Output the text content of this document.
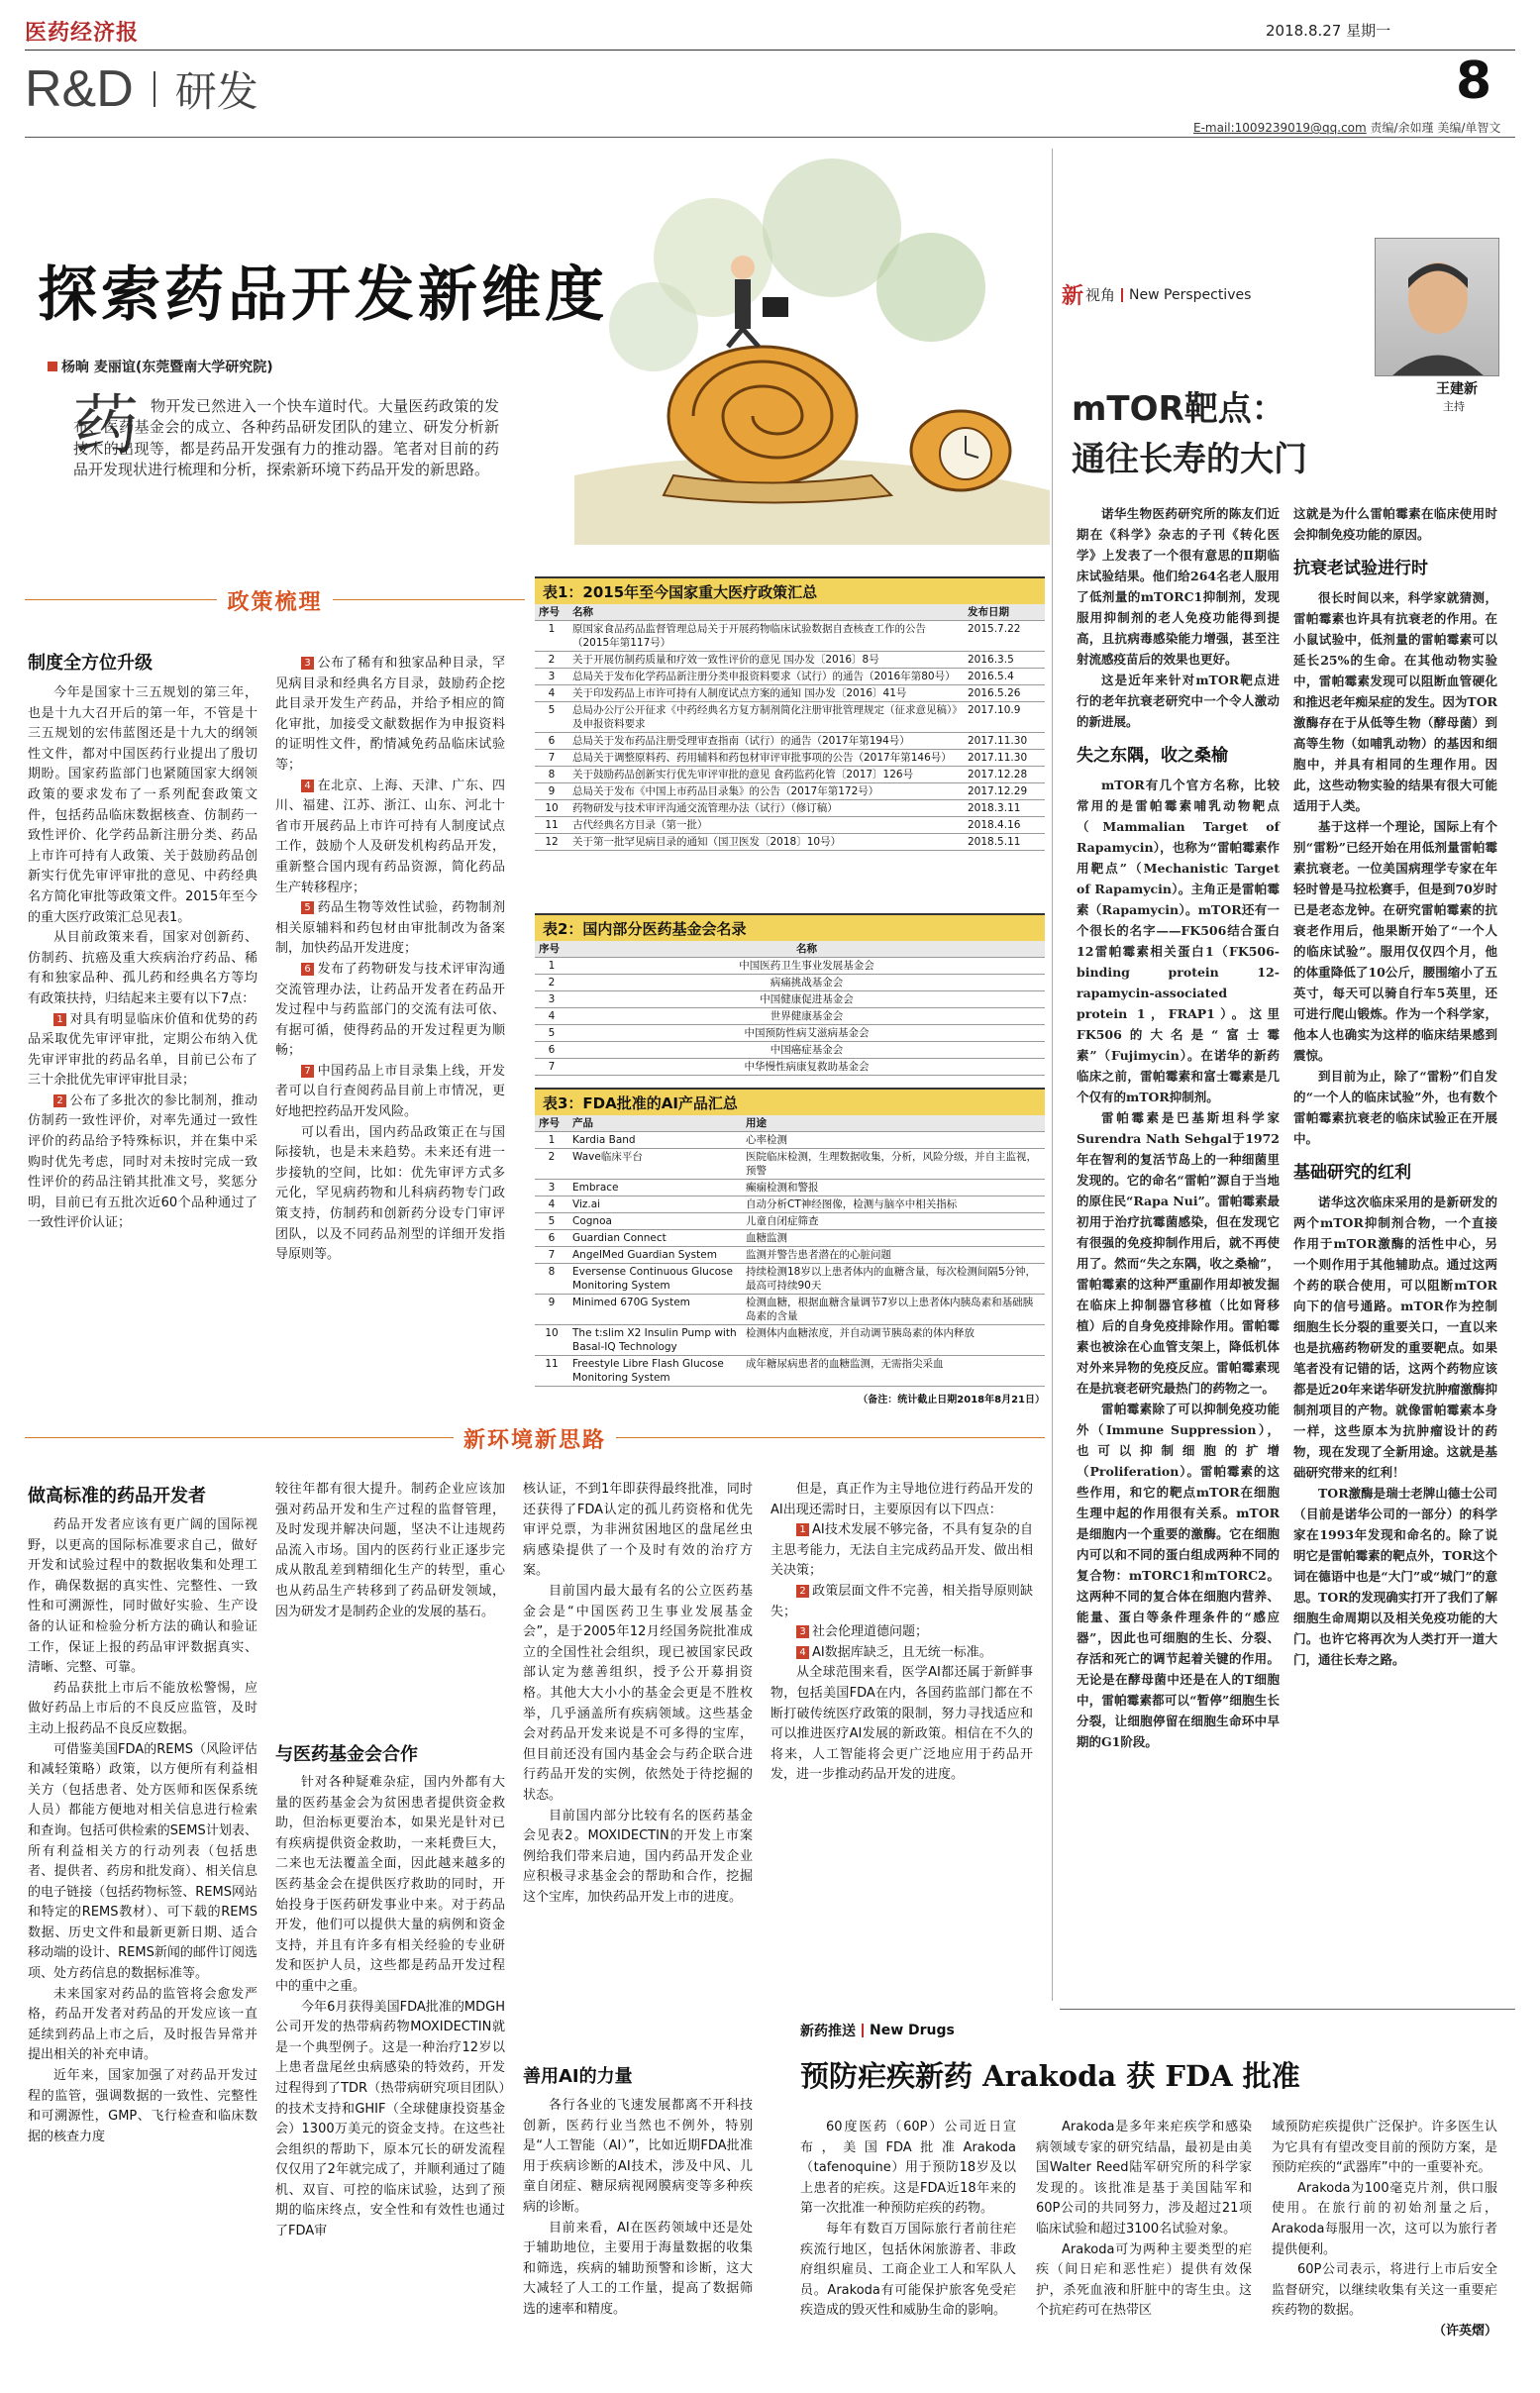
医药经济报	2018.8.27 星期一
R&D 研发	8
E-mail:1009239019@qq.com 责编/余如瑾 美编/单智文
探索药品开发新维度
杨晌 麦丽谊(东莞暨南大学研究院)
药 物开发已然进入一个快车道时代。大量医药政策的发布、医药基金会的成立、各种药品研发团队的建立、研发分析新技术的出现等，都是药品开发强有力的推动器。笔者对目前的药品开发现状进行梳理和分析，探索新环境下药品开发的新思路。
政策梳理
制度全方位升级

今年是国家十三五规划的第三年，也是十九大召开后的第一年，不管是十三五规划的宏伟蓝图还是十九大的纲领性文件，都对中国医药行业提出了殷切期盼。国家药监部门也紧随国家大纲领政策的要求发布了一系列配套政策文件，包括药品临床数据核查、仿制药一致性评价、化学药品新注册分类、药品上市许可持有人政策、关于鼓励药品创新实行优先审评审批的意见、中药经典名方简化审批等政策文件。2015年至今的重大医疗政策汇总见表1。

从目前政策来看，国家对创新药、仿制药、抗癌及重大疾病治疗药品、稀有和独家品种、孤儿药和经典名方等均有政策扶持，归结起来主要有以下7点：

1 对具有明显临床价值和优势的药品采取优先审评审批，定期公布纳入优先审评审批的药品名单，目前已公布了三十余批优先审评审批目录；

2 公布了多批次的参比制剂，推动仿制药一致性评价，对率先通过一致性评价的药品给予特殊标识，并在集中采购时优先考虑，同时对未按时完成一致性评价的药品注销其批准文号，奖惩分明，目前已有五批次近60个品种通过了一致性评价认证；

3 公布了稀有和独家品种目录，罕见病目录和经典名方目录，鼓励药企挖此目录开发生产药品，并给予相应的简化审批，加接受文献数据作为申报资料的证明性文件，酌情减免药品临床试验等；

4 在北京、上海、天津、广东、四川、福建、江苏、浙江、山东、河北十省市开展药品上市许可持有人制度试点工作，鼓励个人及研发机构药品开发，重新整合国内现有药品资源，简化药品生产转移程序；

5 药品生物等效性试验，药物制剂相关原辅料和药包材由审批制改为备案制，加快药品开发进度；

6 发布了药物研发与技术评审沟通交流管理办法，让药品开发者在药品开发过程中与药监部门的交流有法可依、有据可循，使得药品的开发过程更为顺畅；

7 中国药品上市目录集上线，开发者可以自行查阅药品目前上市情况，更好地把控药品开发风险。

可以看出，国内药品政策正在与国际接轨，也是未来趋势。未来还有进一步接轨的空间，比如：优先审评方式多元化，罕见病药物和儿科病药物专门政策支持，仿制药和创新药分设专门审评团队，以及不同药品剂型的详细开发指导原则等。

表1：2015年至今国家重大医疗政策汇总
序号	名称	发布日期
1	原国家食品药品监督管理总局关于开展药物临床试验数据自查核查工作的公告（2015年第117号）	2015.7.22
2	关于开展仿制药质量和疗效一致性评价的意见 国办发〔2016〕8号	2016.3.5
3	总局关于发布化学药品新注册分类申报资料要求（试行）的通告（2016年第80号）	2016.5.4
4	关于印发药品上市许可持有人制度试点方案的通知 国办发〔2016〕41号	2016.5.26
5	总局办公厅公开征求《中药经典名方复方制剂简化注册审批管理规定（征求意见稿）》及申报资料要求	2017.10.9
6	总局关于发布药品注册受理审查指南（试行）的通告（2017年第194号）	2017.11.30
7	总局关于调整原料药、药用辅料和药包材审评审批事项的公告（2017年第146号）	2017.11.30
8	关于鼓励药品创新实行优先审评审批的意见 食药监药化管〔2017〕126号	2017.12.28
9	总局关于发布《中国上市药品目录集》的公告（2017年第172号）	2017.12.29
10	药物研发与技术审评沟通交流管理办法（试行）（修订稿）	2018.3.11
11	古代经典名方目录（第一批）	2018.4.16
12	关于第一批罕见病目录的通知（国卫医发〔2018〕10号）	2018.5.11
表2：国内部分医药基金会名录
序号	名称
1	中国医药卫生事业发展基金会
2	病痛挑战基金会
3	中国健康促进基金会
4	世界健康基金会
5	中国预防性病艾滋病基金会
6	中国癌症基金会
7	中华慢性病康复救助基金会
表3：FDA批准的AI产品汇总
序号	产品	用途
1	Kardia Band	心率检测
2	Wave临床平台	医院临床检测，生理数据收集，分析，风险分级，并自主监视，预警
3	Embrace	癫痫检测和警报
4	Viz.ai	自动分析CT神经图像，检测与脑卒中相关指标
5	Cognoa	儿童自闭症筛查
6	Guardian Connect	血糖监测
7	AngelMed Guardian System	监测并警告患者潜在的心脏问题
8	Eversense Continuous Glucose Monitoring System	持续检测18岁以上患者体内的血糖含量，每次检测间隔5分钟，最高可持续90天
9	Minimed 670G System	检测血糖，根据血糖含量调节7岁以上患者体内胰岛素和基础胰岛素的含量
10	The t:slim X2 Insulin Pump with Basal-IQ Technology	检测体内血糖浓度，并自动调节胰岛素的体内释放
11	Freestyle Libre Flash Glucose Monitoring System	成年糖尿病患者的血糖监测，无需指尖采血
（备注：统计截止日期2018年8月21日）
新环境新思路
做高标准的药品开发者

药品开发者应该有更广阔的国际视野，以更高的国际标准要求自己，做好开发和试验过程中的数据收集和处理工作，确保数据的真实性、完整性、一致性和可溯源性，同时做好实验、生产设备的认证和检验分析方法的确认和验证工作，保证上报的药品审评数据真实、清晰、完整、可靠。

药品获批上市后不能放松警惕，应做好药品上市后的不良反应监管，及时主动上报药品不良反应数据。

可借鉴美国FDA的REMS（风险评估和减轻策略）政策，以方便所有利益相关方（包括患者、处方医师和医保系统人员）都能方便地对相关信息进行检索和查询。包括可供检索的SEMS计划表、所有利益相关方的行动列表（包括患者、提供者、药房和批发商）、相关信息的电子链接（包括药物标签、REMS网站和特定的REMS教材）、可下载的REMS数据、历史文件和最新更新日期、适合移动端的设计、REMS新闻的邮件订阅选项、处方药信息的数据标准等。

未来国家对药品的监管将会愈发严格，药品开发者对药品的开发应该一直延续到药品上市之后，及时报告异常并提出相关的补充申请。

近年来，国家加强了对药品开发过程的监管，强调数据的一致性、完整性和可溯源性，GMP、飞行检查和临床数据的核查力度

较往年都有很大提升。制药企业应该加强对药品开发和生产过程的监督管理，及时发现并解决问题，坚决不让违规药品流入市场。国内的医药行业正逐步完成从散乱差到精细化生产的转型，重心也从药品生产转移到了药品研发领域，因为研发才是制药企业的发展的基石。

与医药基金会合作

针对各种疑难杂症，国内外都有大量的医药基金会为贫困患者提供资金救助，但治标更要治本，如果光是针对已有疾病提供资金救助，一来耗费巨大，二来也无法覆盖全面，因此越来越多的医药基金会在提供医疗救助的同时，开始投身于医药研发事业中来。对于药品开发，他们可以提供大量的病例和资金支持，并且有许多有相关经验的专业研发和医护人员，这些都是药品开发过程中的重中之重。

今年6月获得美国FDA批准的MDGH公司开发的热带病药物MOXIDECTIN就是一个典型例子。这是一种治疗12岁以上患者盘尾丝虫病感染的特效药，开发过程得到了TDR（热带病研究项目团队）的技术支持和GHIF（全球健康投资基金会）1300万美元的资金支持。在这些社会组织的帮助下，原本冗长的研发流程仅仅用了2年就完成了，并顺利通过了随机、双盲、可控的临床试验，达到了预期的临床终点，安全性和有效性也通过了FDA审

核认证，不到1年即获得最终批准，同时还获得了FDA认定的孤儿药资格和优先审评兑票，为非洲贫困地区的盘尾丝虫病感染提供了一个及时有效的治疗方案。

目前国内最大最有名的公立医药基金会是“中国医药卫生事业发展基金会”，是于2005年12月经国务院批准成立的全国性社会组织，现已被国家民政部认定为慈善组织，授予公开募捐资格。其他大大小小的基金会更是不胜枚举，几乎涵盖所有疾病领域。这些基金会对药品开发来说是不可多得的宝库，但目前还没有国内基金会与药企联合进行药品开发的实例，依然处于待挖掘的状态。

目前国内部分比较有名的医药基金会见表2。MOXIDECTIN的开发上市案例给我们带来启迪，国内药品开发企业应积极寻求基金会的帮助和合作，挖掘这个宝库，加快药品开发上市的进度。

善用AI的力量

各行各业的飞速发展都离不开科技创新，医药行业当然也不例外，特别是“人工智能（AI）”，比如近期FDA批准用于疾病诊断的AI技术，涉及中风、儿童自闭症、糖尿病视网膜病变等多种疾病的诊断。

目前来看，AI在医药领域中还是处于辅助地位，主要用于海量数据的收集和筛选，疾病的辅助预警和诊断，这大大减轻了人工的工作量，提高了数据筛选的速率和精度。

但是，真正作为主导地位进行药品开发的AI出现还需时日，主要原因有以下四点：

1 AI技术发展不够完备，不具有复杂的自主思考能力，无法自主完成药品开发、做出相关决策；

2 政策层面文件不完善，相关指导原则缺失；

3 社会伦理道德问题；

4 AI数据库缺乏，且无统一标准。

从全球范围来看，医学AI都还属于新鲜事物，包括美国FDA在内，各国药监部门都在不断打破传统医疗政策的限制，努力寻找适应和可以推进医疗AI发展的新政策。相信在不久的将来，人工智能将会更广泛地应用于药品开发，进一步推动药品开发的进度。

新 视角 New Perspectives
王建新
主持
mTOR靶点：
通往长寿的大门

诺华生物医药研究所的陈友们近期在《科学》杂志的子刊《转化医学》上发表了一个很有意思的Ⅱ期临床试验结果。他们给264名老人服用了低剂量的mTORC1抑制剂，发现服用抑制剂的老人免疫功能得到提高，且抗病毒感染能力增强，甚至注射流感疫苗后的效果也更好。

这是近年来针对mTOR靶点进行的老年抗衰老研究中一个令人激动的新进展。

失之东隅，收之桑榆

mTOR有几个官方名称，比较常用的是雷帕霉素哺乳动物靶点（Mammalian Target of Rapamycin），也称为“雷帕霉素作用靶点”（Mechanistic Target of Rapamycin）。主角正是雷帕霉素（Rapamycin）。mTOR还有一个很长的名字——FK506结合蛋白12雷帕霉素相关蛋白1（FK506-binding protein 12-rapamycin-associated protein 1，FRAP1）。这里FK506的大名是“富士霉素”（Fujimycin）。在诺华的新药临床之前，雷帕霉素和富士霉素是几个仅有的mTOR抑制剂。

雷帕霉素是巴基斯坦科学家Surendra Nath Sehgal于1972年在智利的复活节岛上的一种细菌里发现的。它的命名“雷帕”源自于当地的原住民“Rapa Nui”。雷帕霉素最初用于治疗抗霉菌感染，但在发现它有很强的免疫抑制作用后，就不再使用了。然而“失之东隅，收之桑榆”，雷帕霉素的这种严重副作用却被发掘在临床上抑制器官移植（比如肾移植）后的自身免疫排除作用。雷帕霉素也被涂在心血管支架上，降低机体对外来异物的免疫反应。雷帕霉素现在是抗衰老研究最热门的药物之一。

雷帕霉素除了可以抑制免疫功能外（Immune Suppression），也可以抑制细胞的扩增（Proliferation）。雷帕霉素的这些作用，和它的靶点mTOR在细胞生理中起的作用很有关系。mTOR是细胞内一个重要的激酶。它在细胞内可以和不同的蛋白组成两种不同的复合物：mTORC1和mTORC2。这两种不同的复合体在细胞内营养、能量、蛋白等条件理条件的“感应器”，因此也可细胞的生长、分裂、存活和死亡的调节起着关键的作用。无论是在酵母菌中还是在人的T细胞中，雷帕霉素都可以“暂停”细胞生长分裂，让细胞停留在细胞生命环中早期的G1阶段。

这就是为什么雷帕霉素在临床使用时会抑制免疫功能的原因。

抗衰老试验进行时

很长时间以来，科学家就猜测，雷帕霉素也许具有抗衰老的作用。在小鼠试验中，低剂量的雷帕霉素可以延长25%的生命。在其他动物实验中，雷帕霉素发现可以阻断血管硬化和推迟老年痴呆症的发生。因为TOR激酶存在于从低等生物（酵母菌）到高等生物（如哺乳动物）的基因和细胞中，并具有相同的生理作用。因此，这些动物实验的结果有很大可能适用于人类。

基于这样一个理论，国际上有个别“雷粉”已经开始在用低剂量雷帕霉素抗衰老。一位美国病理学专家在年轻时曾是马拉松赛手，但是到70岁时已是老态龙钟。在研究雷帕霉素的抗衰老作用后，他果断开始了“一个人的临床试验”。服用仅仅四个月，他的体重降低了10公斤，腰围缩小了五英寸，每天可以骑自行车5英里，还可进行爬山锻炼。作为一个科学家，他本人也确实为这样的临床结果感到震惊。

到目前为止，除了“雷粉”们自发的“一个人的临床试验”外，也有数个雷帕霉素抗衰老的临床试验正在开展中。

基础研究的红利

诺华这次临床采用的是新研发的两个mTOR抑制剂合物，一个直接作用于mTOR激酶的活性中心，另一个则作用于其他辅助点。通过这两个药的联合使用，可以阻断mTOR向下的信号通路。mTOR作为控制细胞生长分裂的重要关口，一直以来也是抗癌药物研发的重要靶点。如果笔者没有记错的话，这两个药物应该都是近20年来诺华研发抗肿瘤激酶抑制剂项目的产物。就像雷帕霉素本身一样，这些原本为抗肿瘤设计的药物，现在发现了全新用途。这就是基础研究带来的红利！

TOR激酶是瑞士老牌山德士公司（目前是诺华公司的一部分）的科学家在1993年发现和命名的。除了说明它是雷帕霉素的靶点外，TOR这个词在德语中也是“大门”或“城门”的意思。TOR的发现确实打开了我们了解细胞生命周期以及相关免疫功能的大门。也许它将再次为人类打开一道大门，通往长寿之路。

新药推送 New Drugs
预防疟疾新药 Arakoda 获 FDA 批准

60度医药（60P）公司近日宣布，美国FDA批准Arakoda（tafenoquine）用于预防18岁及以上患者的疟疾。这是FDA近18年来的第一次批准一种预防疟疾的药物。

每年有数百万国际旅行者前往疟疾流行地区，包括休闲旅游者、非政府组织雇员、工商企业工人和军队人员。Arakoda有可能保护旅客免受疟疾造成的毁灭性和威胁生命的影响。

Arakoda是多年来疟疾学和感染病领域专家的研究结晶，最初是由美国Walter Reed陆军研究所的科学家发现的。该批准是基于美国陆军和60P公司的共同努力，涉及超过21项临床试验和超过3100名试验对象。

Arakoda可为两种主要类型的疟疾（间日疟和恶性疟）提供有效保护，杀死血液和肝脏中的寄生虫。这个抗疟药可在热带区

域预防疟疾提供广泛保护。许多医生认为它具有有望改变目前的预防方案，是预防疟疾的“武器库”中的一重要补充。

Arakoda为100毫克片剂，供口服使用。在旅行前的初始剂量之后，Arakoda每服用一次，这可以为旅行者提供便利。

60P公司表示，将进行上市后安全监督研究，以继续收集有关这一重要疟疾药物的数据。

（许英熠）
